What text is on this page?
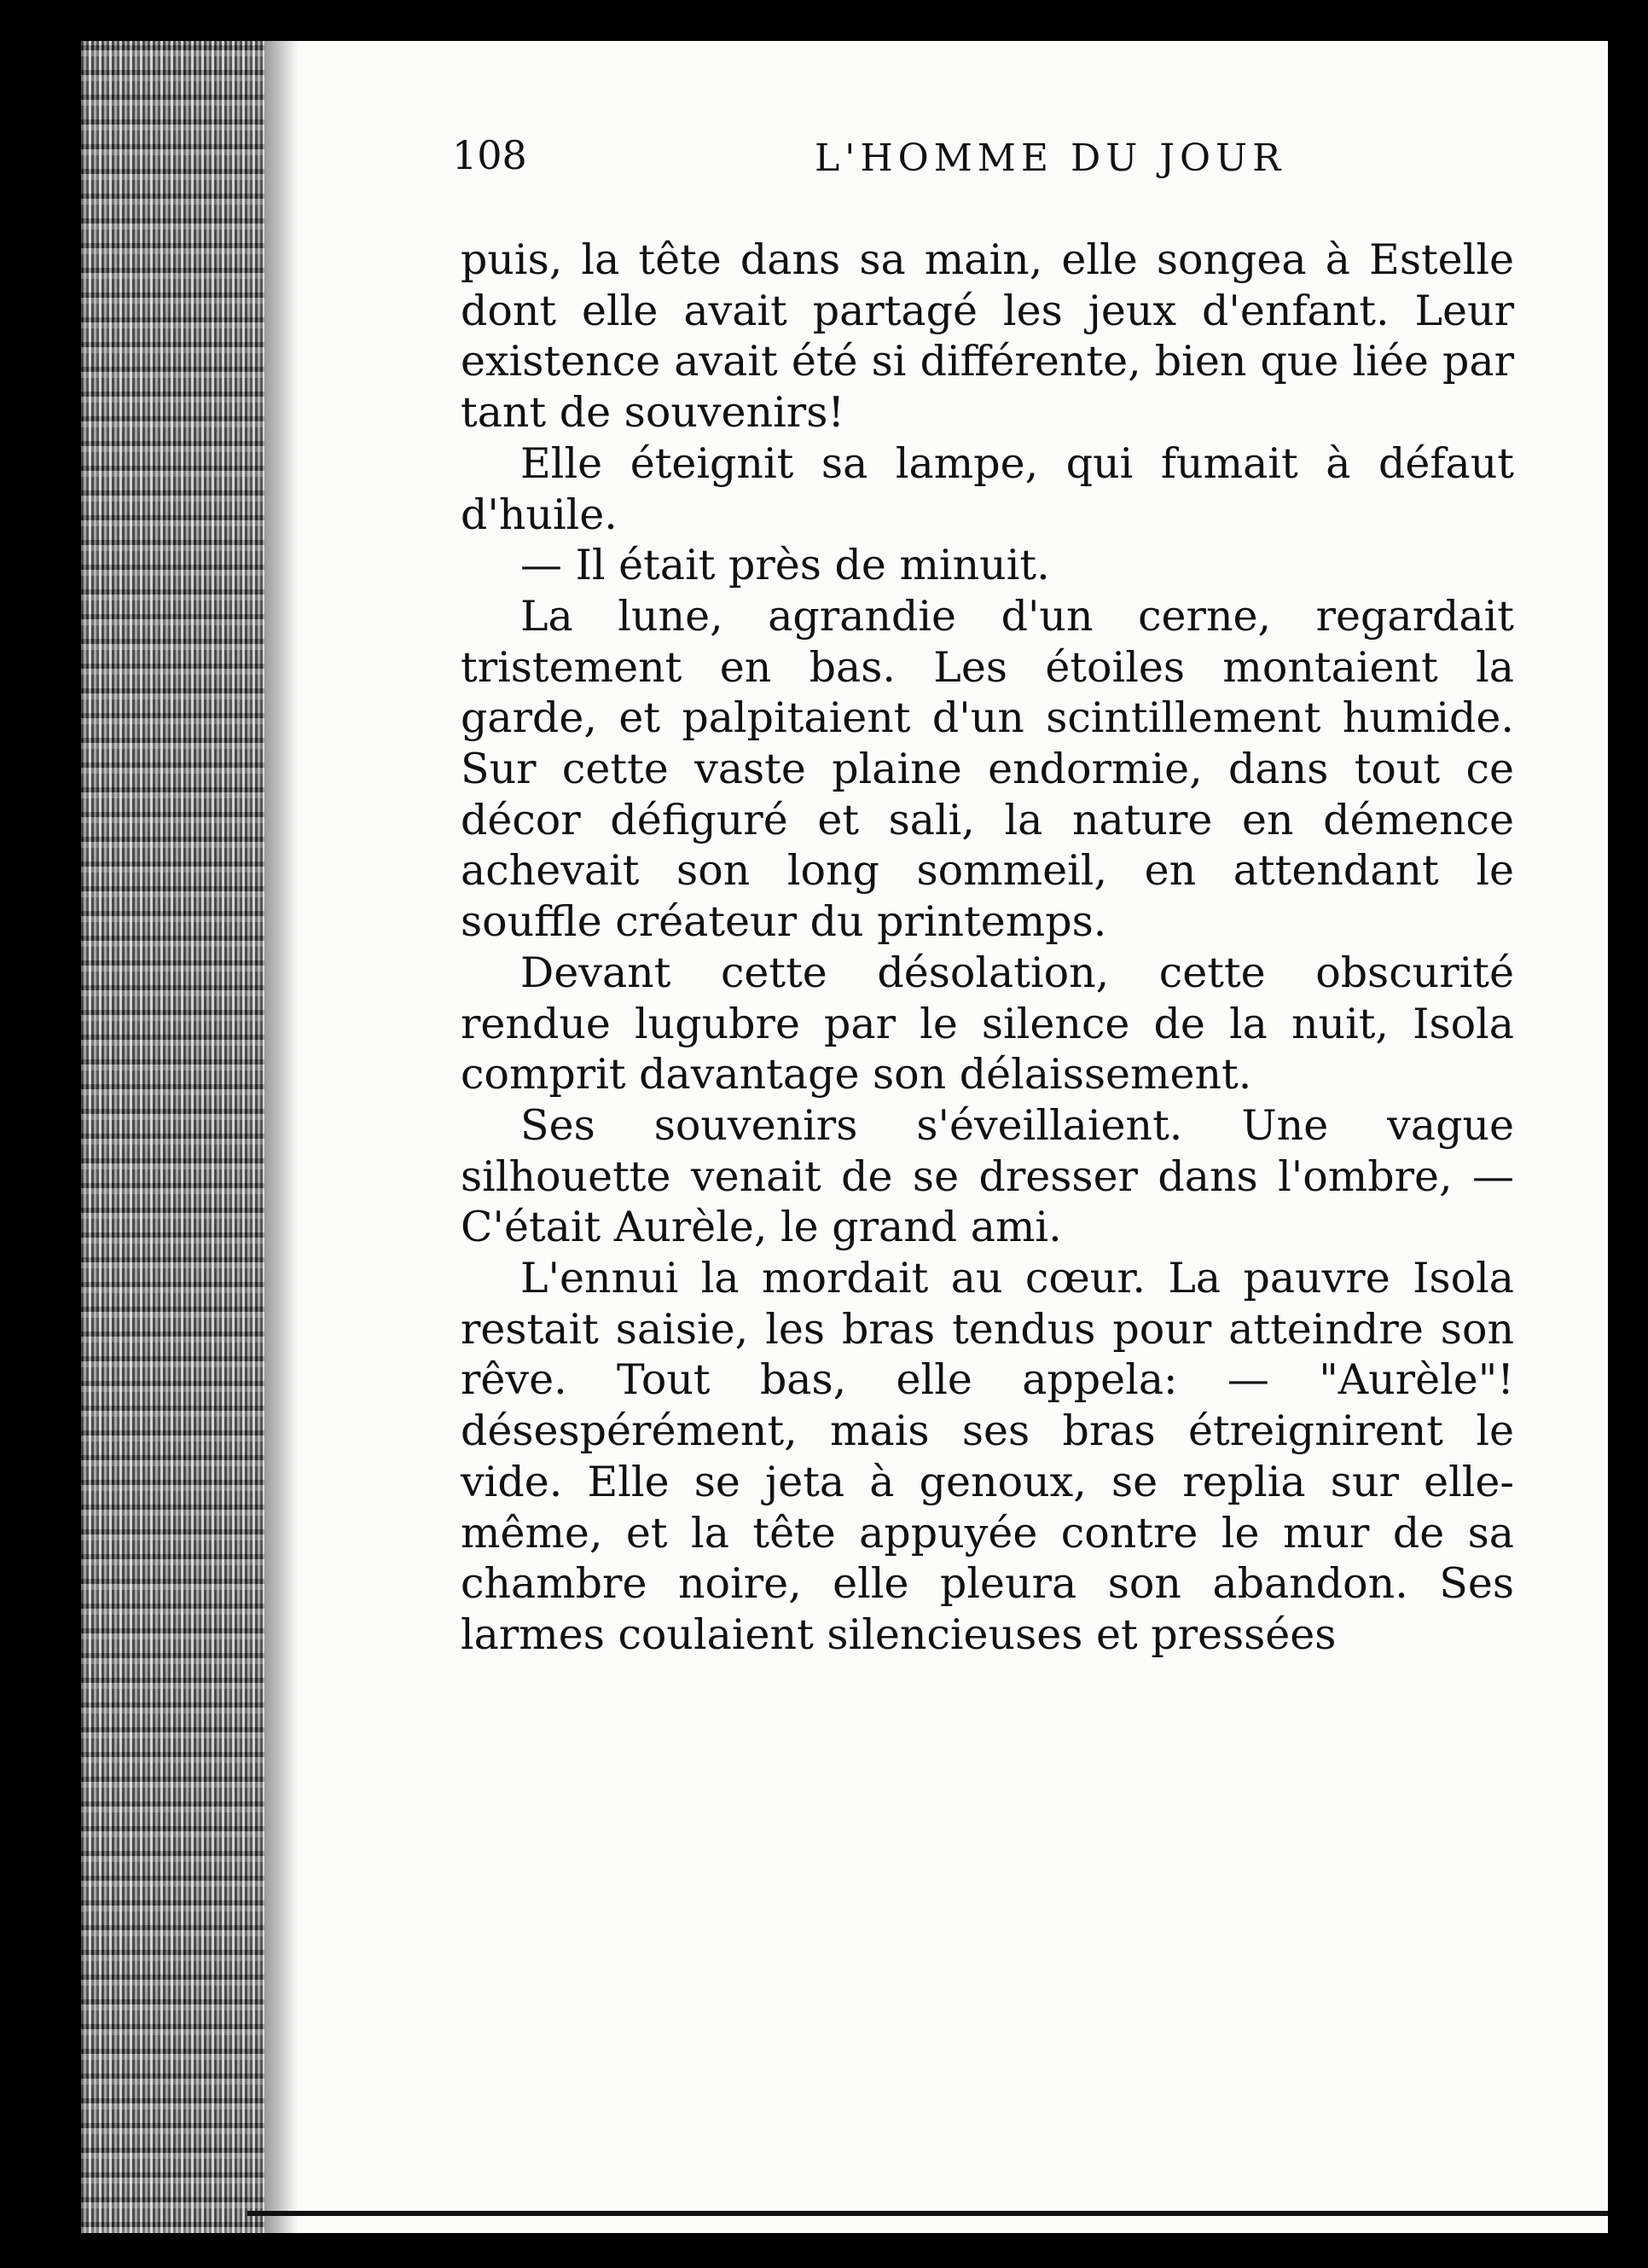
108	L'HOMME DU JOUR

puis, la tête dans sa main, elle songea à Estelle dont elle avait partagé les jeux d'enfant. Leur existence avait été si différente, bien que liée par tant de souvenirs!

Elle éteignit sa lampe, qui fumait à défaut d'huile.

— Il était près de minuit.

La lune, agrandie d'un cerne, regardait tristement en bas. Les étoiles montaient la garde, et palpitaient d'un scintillement humide. Sur cette vaste plaine endormie, dans tout ce décor défiguré et sali, la nature en démence achevait son long sommeil, en attendant le souffle créateur du printemps.

Devant cette désolation, cette obscurité rendue lugubre par le silence de la nuit, Isola comprit davantage son délaissement.

Ses souvenirs s'éveillaient. Une vague silhouette venait de se dresser dans l'ombre, — C'était Aurèle, le grand ami.

L'ennui la mordait au cœur. La pauvre Isola restait saisie, les bras tendus pour atteindre son rêve. Tout bas, elle appela: — "Aurèle"! désespérément, mais ses bras étreignirent le vide. Elle se jeta à genoux, se replia sur elle-même, et la tête appuyée contre le mur de sa chambre noire, elle pleura son abandon. Ses larmes coulaient silencieuses et pressées
